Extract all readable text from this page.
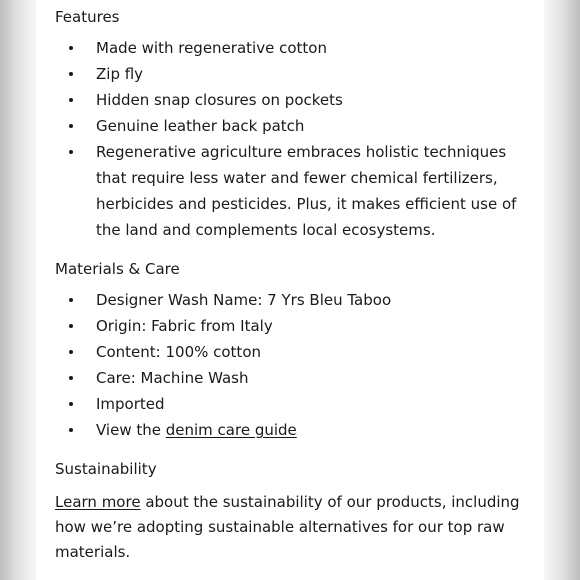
Features
Made with regenerative cotton
Zip fly
Hidden snap closures on pockets
Genuine leather back patch
Regenerative agriculture embraces holistic techniques that require less water and fewer chemical fertilizers, herbicides and pesticides. Plus, it makes efficient use of the land and complements local ecosystems.
Materials & Care
Designer Wash Name: 7 Yrs Bleu Taboo
Origin: Fabric from Italy
Content: 100% cotton
Care: Machine Wash
Imported
View the denim care guide
Sustainability

Learn more about the sustainability of our products, including how we’re adopting sustainable alternatives for our top raw materials.
